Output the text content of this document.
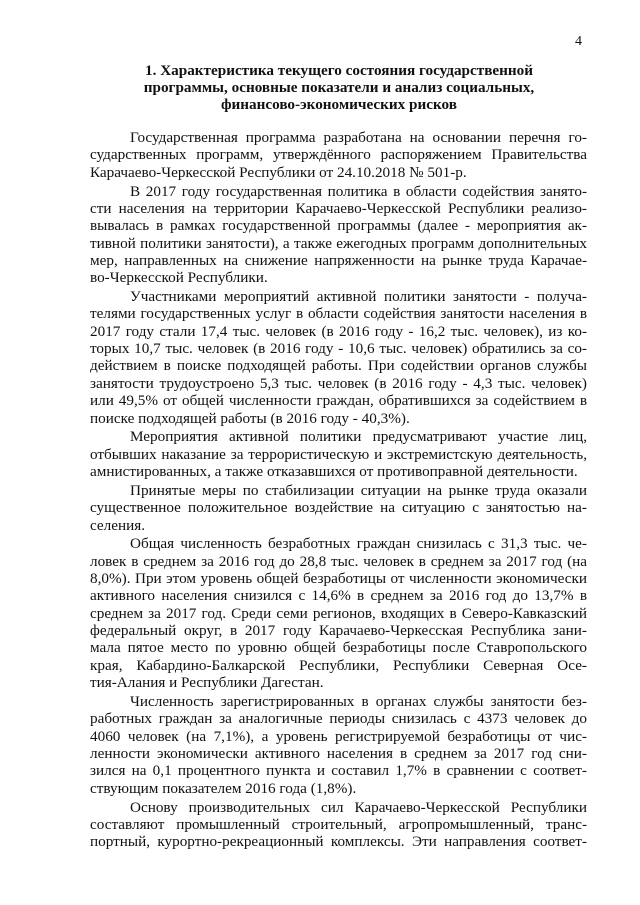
4
1. Характеристика текущего состояния государственной
программы, основные показатели и анализ социальных,
финансово-экономических рисков

Государственная программа разработана на основании перечня го-
сударственных программ, утверждённого распоряжением Правительства
Карачаево-Черкесской Республики от 24.10.2018 № 501-р.

В 2017 году государственная политика в области содействия занято-
сти населения на территории Карачаево-Черкесской Республики реализо-
вывалась в рамках государственной программы (далее - мероприятия ак-
тивной политики занятости), а также ежегодных программ дополнительных
мер, направленных на снижение напряженности на рынке труда Карачае-
во-Черкесской Республики.

Участниками мероприятий активной политики занятости - получа-
телями государственных услуг в области содействия занятости населения в
2017 году стали 17,4 тыс. человек (в 2016 году - 16,2 тыс. человек), из ко-
торых 10,7 тыс. человек (в 2016 году - 10,6 тыс. человек) обратились за со-
действием в поиске подходящей работы. При содействии органов службы
занятости трудоустроено 5,3 тыс. человек (в 2016 году - 4,3 тыс. человек)
или 49,5% от общей численности граждан, обратившихся за содействием в
поиске подходящей работы (в 2016 году - 40,3%).

Мероприятия активной политики предусматривают участие лиц,
отбывших наказание за террористическую и экстремистскую деятельность,
амнистированных, а также отказавшихся от противоправной деятельности.

Принятые меры по стабилизации ситуации на рынке труда оказали
существенное положительное воздействие на ситуацию с занятостью на-
селения.

Общая численность безработных граждан снизилась с 31,3 тыс. че-
ловек в среднем за 2016 год до 28,8 тыс. человек в среднем за 2017 год (на
8,0%). При этом уровень общей безработицы от численности экономически
активного населения снизился с 14,6% в среднем за 2016 год до 13,7% в
среднем за 2017 год. Среди семи регионов, входящих в Северо-Кавказский
федеральный округ, в 2017 году Карачаево-Черкесская Республика зани-
мала пятое место по уровню общей безработицы после Ставропольского
края, Кабардино-Балкарской Республики, Республики Северная Осе-
тия-Алания и Республики Дагестан.

Численность зарегистрированных в органах службы занятости без-
работных граждан за аналогичные периоды снизилась с 4373 человек до
4060 человек (на 7,1%), а уровень регистрируемой безработицы от чис-
ленности экономически активного населения в среднем за 2017 год сни-
зился на 0,1 процентного пункта и составил 1,7% в сравнении с соответ-
ствующим показателем 2016 года (1,8%).

Основу производительных сил Карачаево-Черкесской Республики
составляют промышленный строительный, агропромышленный, транс-
портный, курортно-рекреационный комплексы. Эти направления соответ-
